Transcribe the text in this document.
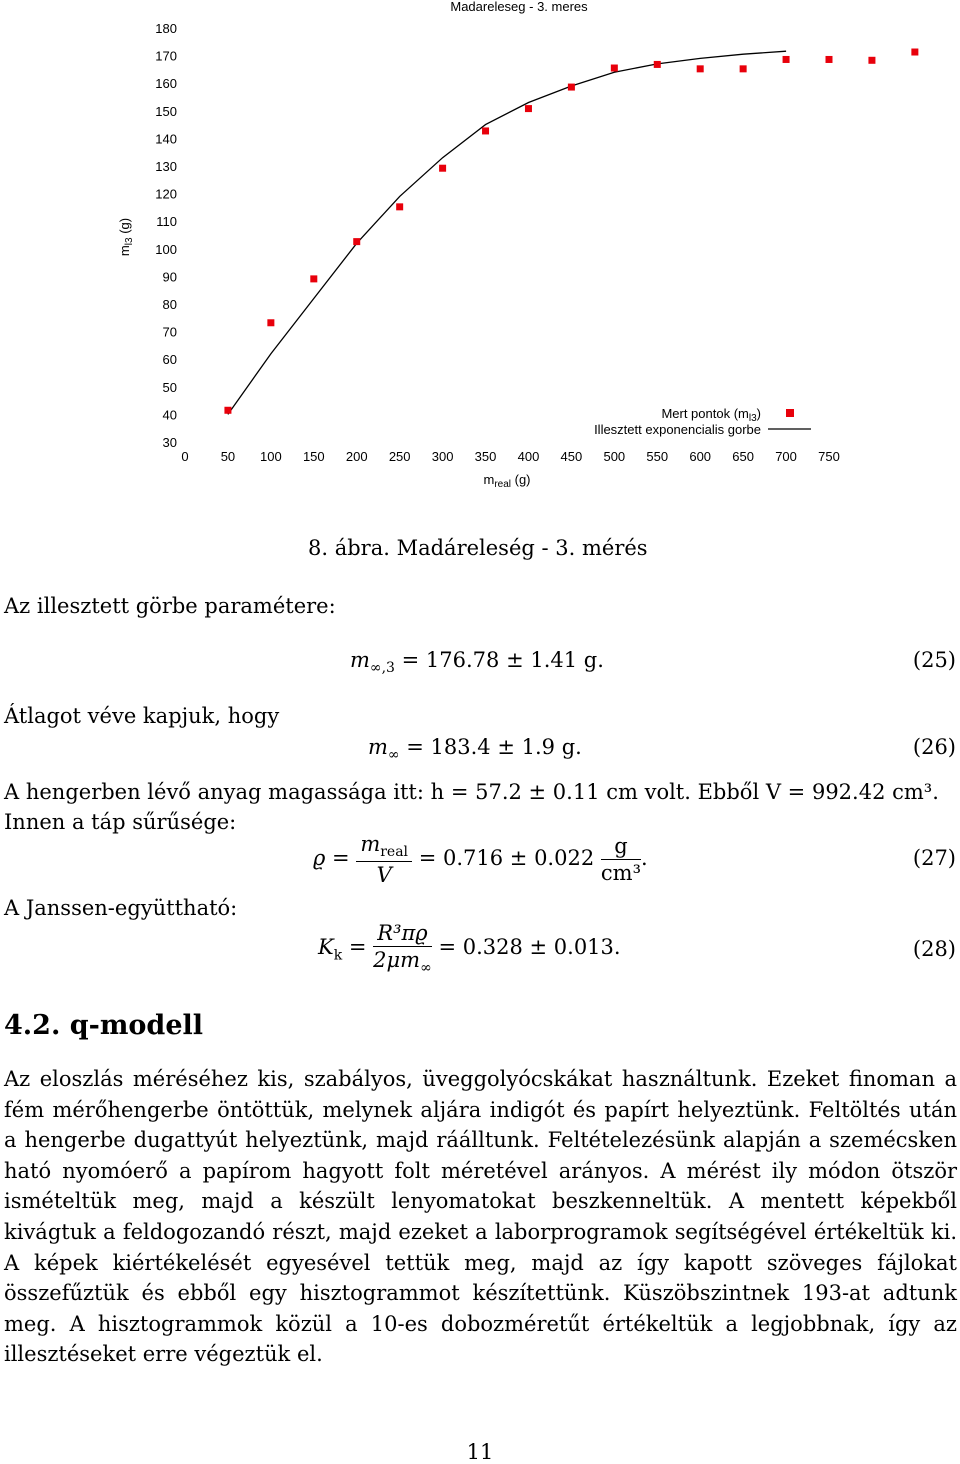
Madareleseg - 3. meres
30
40
50
60
70
80
90
100
110
120
130
140
150
160
170
180
0 50 100 150 200 250 300 350 400 450 500 550 600 650 700 750
$m_{l3}$ (g)
$m_{real}$ (g)
Mert pontok $(m_{l3})$
Illesztett exponencialis gorbe
8. ábra. Madáreleség - 3. mérés
Az illesztett görbe paramétere:
$m_{\infty,3} = 176.78 \pm 1.41$ g.	(25)
Átlagot véve kapjuk, hogy
$m_\infty = 183.4 \pm 1.9$ g.	(26)
A hengerben lévő anyag magassága itt: h = 57.2 ± 0.11 cm volt. Ebből V = 992.42 cm³.
Innen a táp sűrűsége:
$ϱ = \frac{m_{real}}{V} = 0.716 \pm 0.022 \frac{g}{\text{cm³}}$ .	(27)
A Janssen-együttható:
$K_k = \frac{\text{R³πϱ}}{2\mu m_\infty} = 0.328 \pm 0.013$.	(28)
4.2. q-modell
Az eloszlás méréséhez kis, szabályos, üveggolyócskákat használtunk. Ezeket finoman a fém mérőhengerbe öntöttük, melynek aljára indigót és papírt helyeztünk. Feltöltés után a hengerbe dugattyút helyeztünk, majd ráálltunk. Feltételezésünk alapján a szemécsken ható nyomóerő a papírom hagyott folt méretével arányos. A mérést ily módon ötször ismételtük meg, majd a készült lenyomatokat beszkenneltük. A mentett képekből kivágtuk a feldogozandó részt, majd ezeket a laborprogramok segítségével értékeltük ki. A képek kiértékelését egyesével tettük meg, majd az így kapott szöveges fájlokat összefűztük és ebből egy hisztogrammot készítettünk. Küszöbszintnek 193-at adtunk meg. A hisztogrammok közül a 10-es dobozméretűt értékeltük a legjobbnak, így az illesztéseket erre végeztük el.
11
